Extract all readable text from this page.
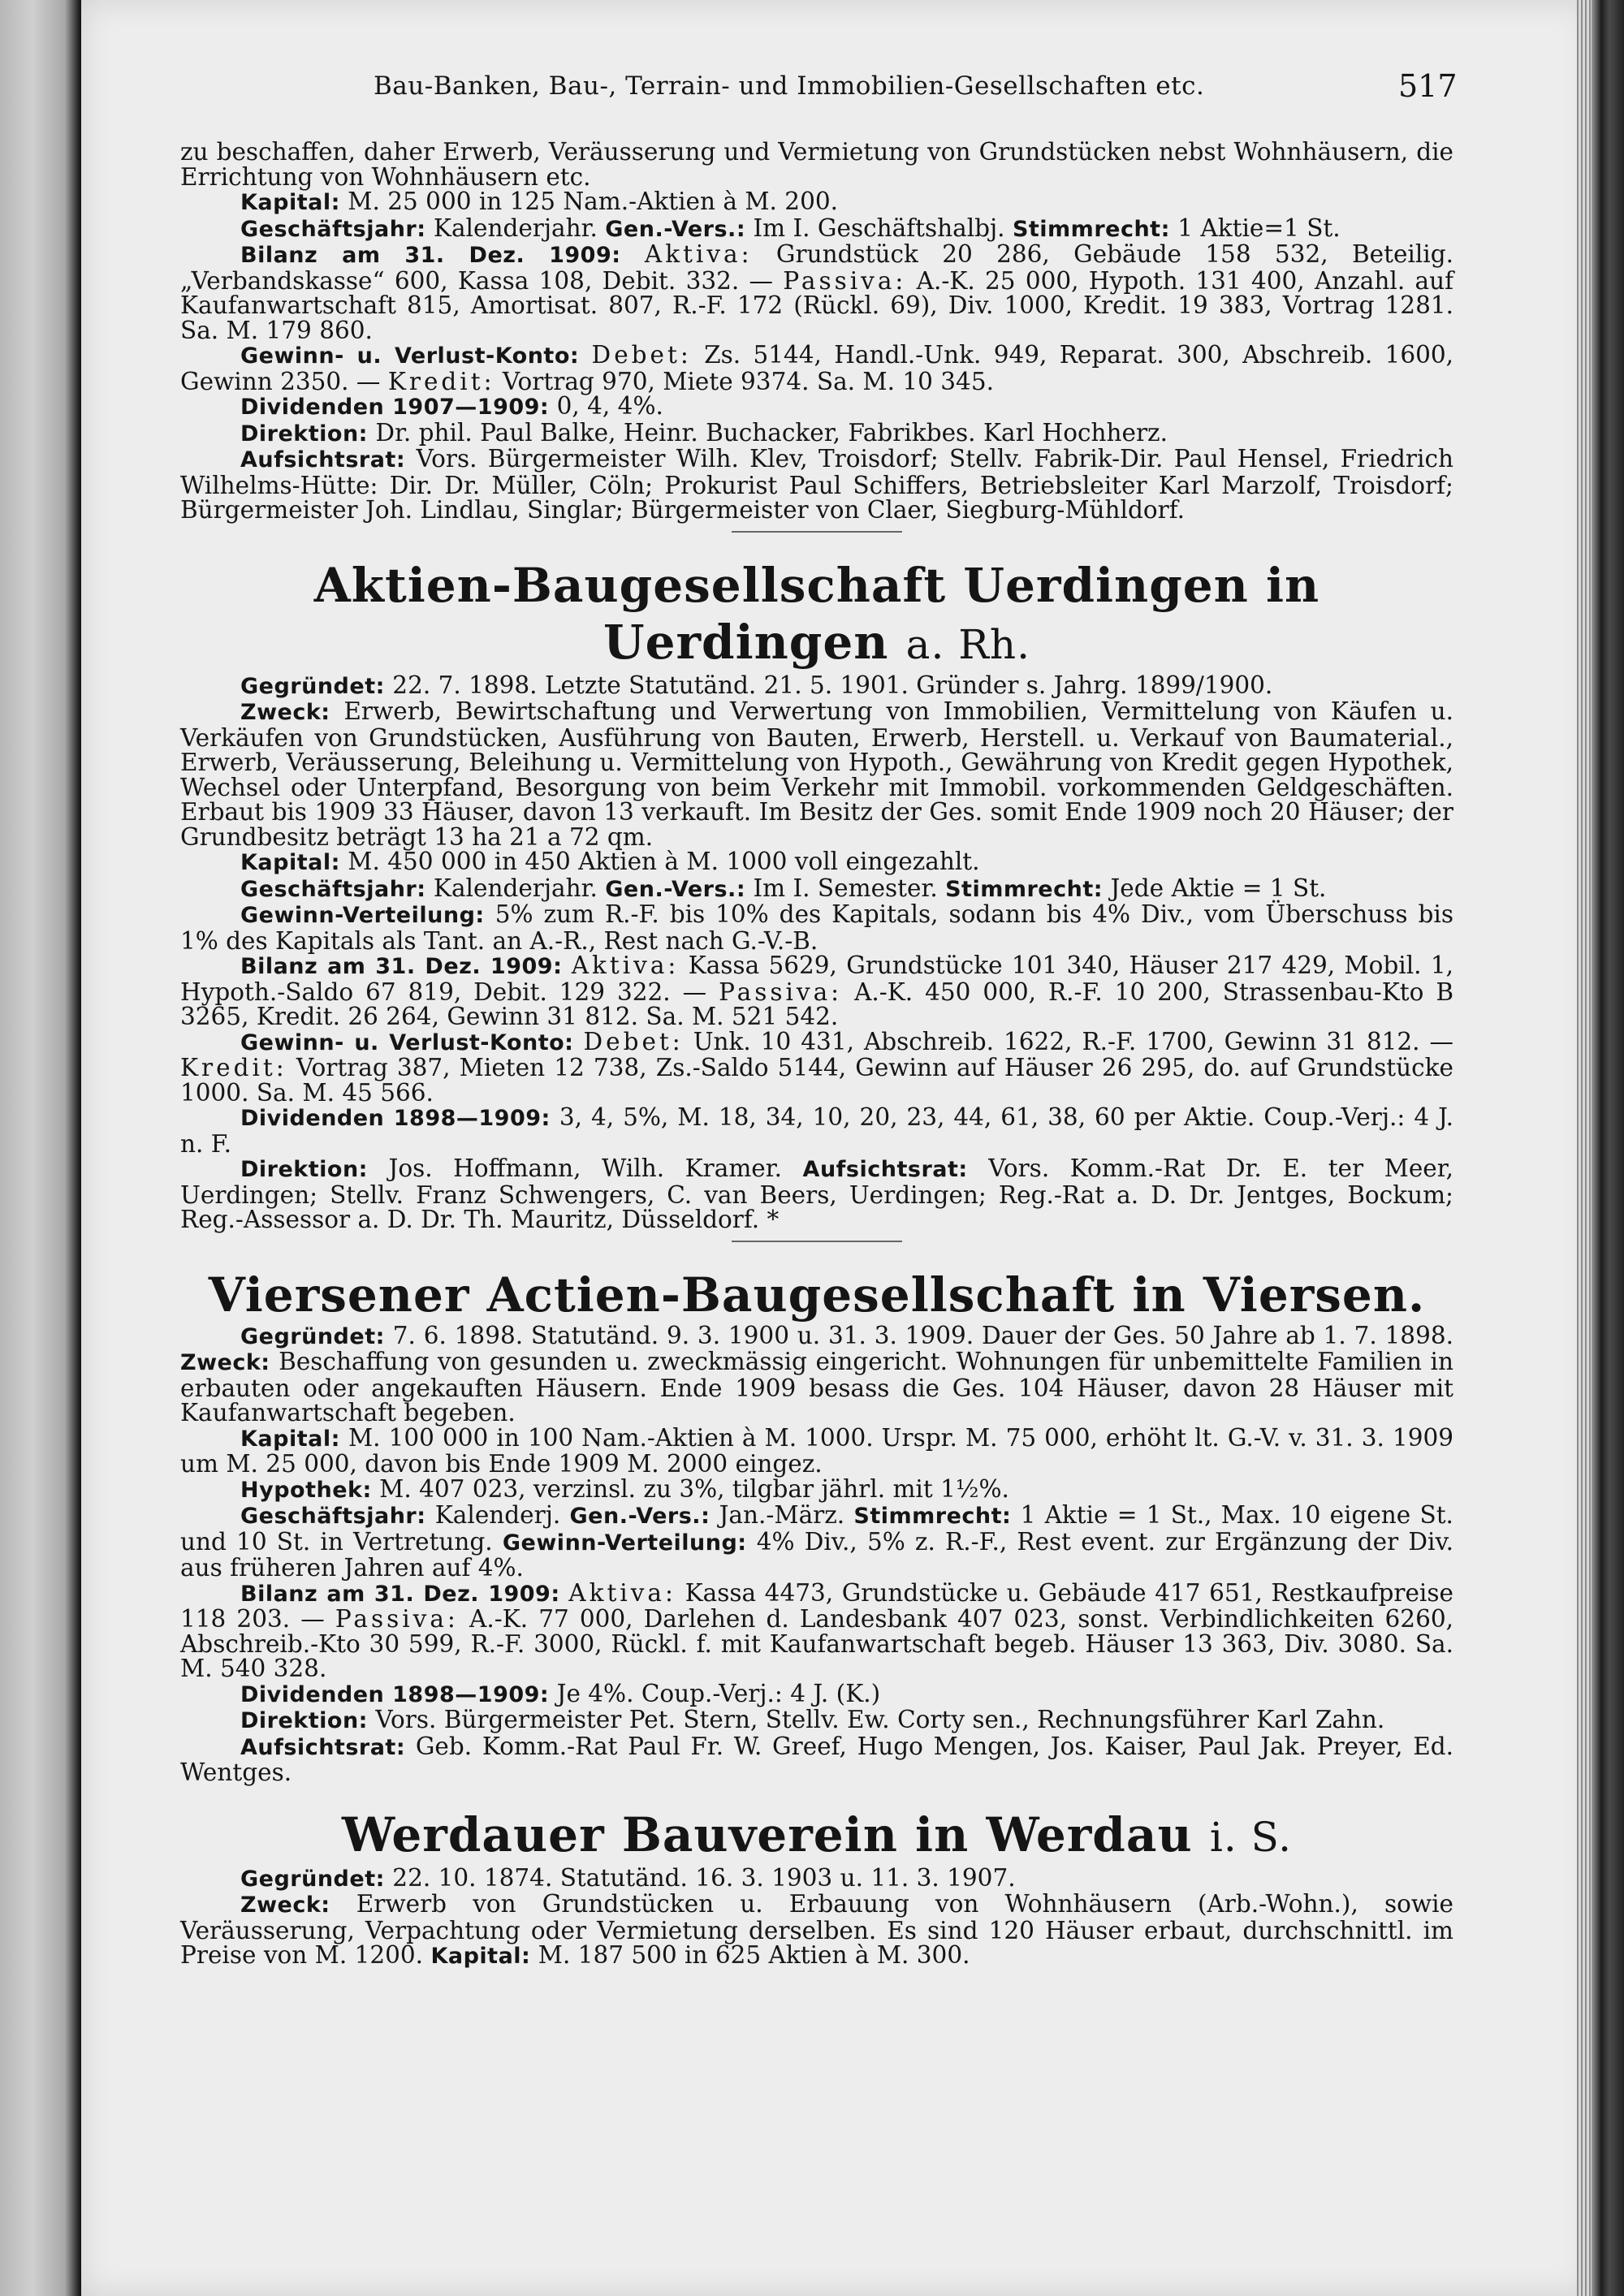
Bau-Banken, Bau-, Terrain- und Immobilien-Gesellschaften etc.	517

zu beschaffen, daher Erwerb, Veräusserung und Vermietung von Grundstücken nebst Wohnhäusern, die Errichtung von Wohnhäusern etc.

Kapital: M. 25 000 in 125 Nam.-Aktien à M. 200.

Geschäftsjahr: Kalenderjahr. Gen.-Vers.: Im I. Geschäftshalbj. Stimmrecht: 1 Aktie=1 St.

Bilanz am 31. Dez. 1909: Aktiva: Grundstück 20 286, Gebäude 158 532, Beteilig. „Verbandskasse“ 600, Kassa 108, Debit. 332. — Passiva: A.-K. 25 000, Hypoth. 131 400, Anzahl. auf Kaufanwartschaft 815, Amortisat. 807, R.-F. 172 (Rückl. 69), Div. 1000, Kredit. 19 383, Vortrag 1281. Sa. M. 179 860.

Gewinn- u. Verlust-Konto: Debet: Zs. 5144, Handl.-Unk. 949, Reparat. 300, Abschreib. 1600, Gewinn 2350. — Kredit: Vortrag 970, Miete 9374. Sa. M. 10 345.

Dividenden 1907—1909: 0, 4, 4%.

Direktion: Dr. phil. Paul Balke, Heinr. Buchacker, Fabrikbes. Karl Hochherz.

Aufsichtsrat: Vors. Bürgermeister Wilh. Klev, Troisdorf; Stellv. Fabrik-Dir. Paul Hensel, Friedrich Wilhelms-Hütte: Dir. Dr. Müller, Cöln; Prokurist Paul Schiffers, Betriebsleiter Karl Marzolf, Troisdorf; Bürgermeister Joh. Lindlau, Singlar; Bürgermeister von Claer, Siegburg-Mühldorf.

Aktien-Baugesellschaft Uerdingen in Uerdingen a. Rh.

Gegründet: 22. 7. 1898. Letzte Statutänd. 21. 5. 1901. Gründer s. Jahrg. 1899/1900.

Zweck: Erwerb, Bewirtschaftung und Verwertung von Immobilien, Vermittelung von Käufen u. Verkäufen von Grundstücken, Ausführung von Bauten, Erwerb, Herstell. u. Verkauf von Baumaterial., Erwerb, Veräusserung, Beleihung u. Vermittelung von Hypoth., Gewährung von Kredit gegen Hypothek, Wechsel oder Unterpfand, Besorgung von beim Verkehr mit Immobil. vorkommenden Geldgeschäften. Erbaut bis 1909 33 Häuser, davon 13 verkauft. Im Besitz der Ges. somit Ende 1909 noch 20 Häuser; der Grundbesitz beträgt 13 ha 21 a 72 qm.

Kapital: M. 450 000 in 450 Aktien à M. 1000 voll eingezahlt.

Geschäftsjahr: Kalenderjahr. Gen.-Vers.: Im I. Semester. Stimmrecht: Jede Aktie = 1 St.

Gewinn-Verteilung: 5% zum R.-F. bis 10% des Kapitals, sodann bis 4% Div., vom Überschuss bis 1% des Kapitals als Tant. an A.-R., Rest nach G.-V.-B.

Bilanz am 31. Dez. 1909: Aktiva: Kassa 5629, Grundstücke 101 340, Häuser 217 429, Mobil. 1, Hypoth.-Saldo 67 819, Debit. 129 322. — Passiva: A.-K. 450 000, R.-F. 10 200, Strassenbau-Kto B 3265, Kredit. 26 264, Gewinn 31 812. Sa. M. 521 542.

Gewinn- u. Verlust-Konto: Debet: Unk. 10 431, Abschreib. 1622, R.-F. 1700, Gewinn 31 812. — Kredit: Vortrag 387, Mieten 12 738, Zs.-Saldo 5144, Gewinn auf Häuser 26 295, do. auf Grundstücke 1000. Sa. M. 45 566.

Dividenden 1898—1909: 3, 4, 5%, M. 18, 34, 10, 20, 23, 44, 61, 38, 60 per Aktie. Coup.-Verj.: 4 J. n. F.

Direktion: Jos. Hoffmann, Wilh. Kramer. Aufsichtsrat: Vors. Komm.-Rat Dr. E. ter Meer, Uerdingen; Stellv. Franz Schwengers, C. van Beers, Uerdingen; Reg.-Rat a. D. Dr. Jentges, Bockum; Reg.-Assessor a. D. Dr. Th. Mauritz, Düsseldorf. *

Viersener Actien-Baugesellschaft in Viersen.

Gegründet: 7. 6. 1898. Statutänd. 9. 3. 1900 u. 31. 3. 1909. Dauer der Ges. 50 Jahre ab 1. 7. 1898. Zweck: Beschaffung von gesunden u. zweckmässig eingericht. Wohnungen für unbemittelte Familien in erbauten oder angekauften Häusern. Ende 1909 besass die Ges. 104 Häuser, davon 28 Häuser mit Kaufanwartschaft begeben.

Kapital: M. 100 000 in 100 Nam.-Aktien à M. 1000. Urspr. M. 75 000, erhöht lt. G.-V. v. 31. 3. 1909 um M. 25 000, davon bis Ende 1909 M. 2000 eingez.

Hypothek: M. 407 023, verzinsl. zu 3%, tilgbar jährl. mit 1½%.

Geschäftsjahr: Kalenderj. Gen.-Vers.: Jan.-März. Stimmrecht: 1 Aktie = 1 St., Max. 10 eigene St. und 10 St. in Vertretung. Gewinn-Verteilung: 4% Div., 5% z. R.-F., Rest event. zur Ergänzung der Div. aus früheren Jahren auf 4%.

Bilanz am 31. Dez. 1909: Aktiva: Kassa 4473, Grundstücke u. Gebäude 417 651, Restkaufpreise 118 203. — Passiva: A.-K. 77 000, Darlehen d. Landesbank 407 023, sonst. Verbindlichkeiten 6260, Abschreib.-Kto 30 599, R.-F. 3000, Rückl. f. mit Kaufanwartschaft begeb. Häuser 13 363, Div. 3080. Sa. M. 540 328.

Dividenden 1898—1909: Je 4%. Coup.-Verj.: 4 J. (K.)

Direktion: Vors. Bürgermeister Pet. Stern, Stellv. Ew. Corty sen., Rechnungsführer Karl Zahn.

Aufsichtsrat: Geb. Komm.-Rat Paul Fr. W. Greef, Hugo Mengen, Jos. Kaiser, Paul Jak. Preyer, Ed. Wentges.

Werdauer Bauverein in Werdau i. S.

Gegründet: 22. 10. 1874. Statutänd. 16. 3. 1903 u. 11. 3. 1907.

Zweck: Erwerb von Grundstücken u. Erbauung von Wohnhäusern (Arb.-Wohn.), sowie Veräusserung, Verpachtung oder Vermietung derselben. Es sind 120 Häuser erbaut, durchschnittl. im Preise von M. 1200. Kapital: M. 187 500 in 625 Aktien à M. 300.
